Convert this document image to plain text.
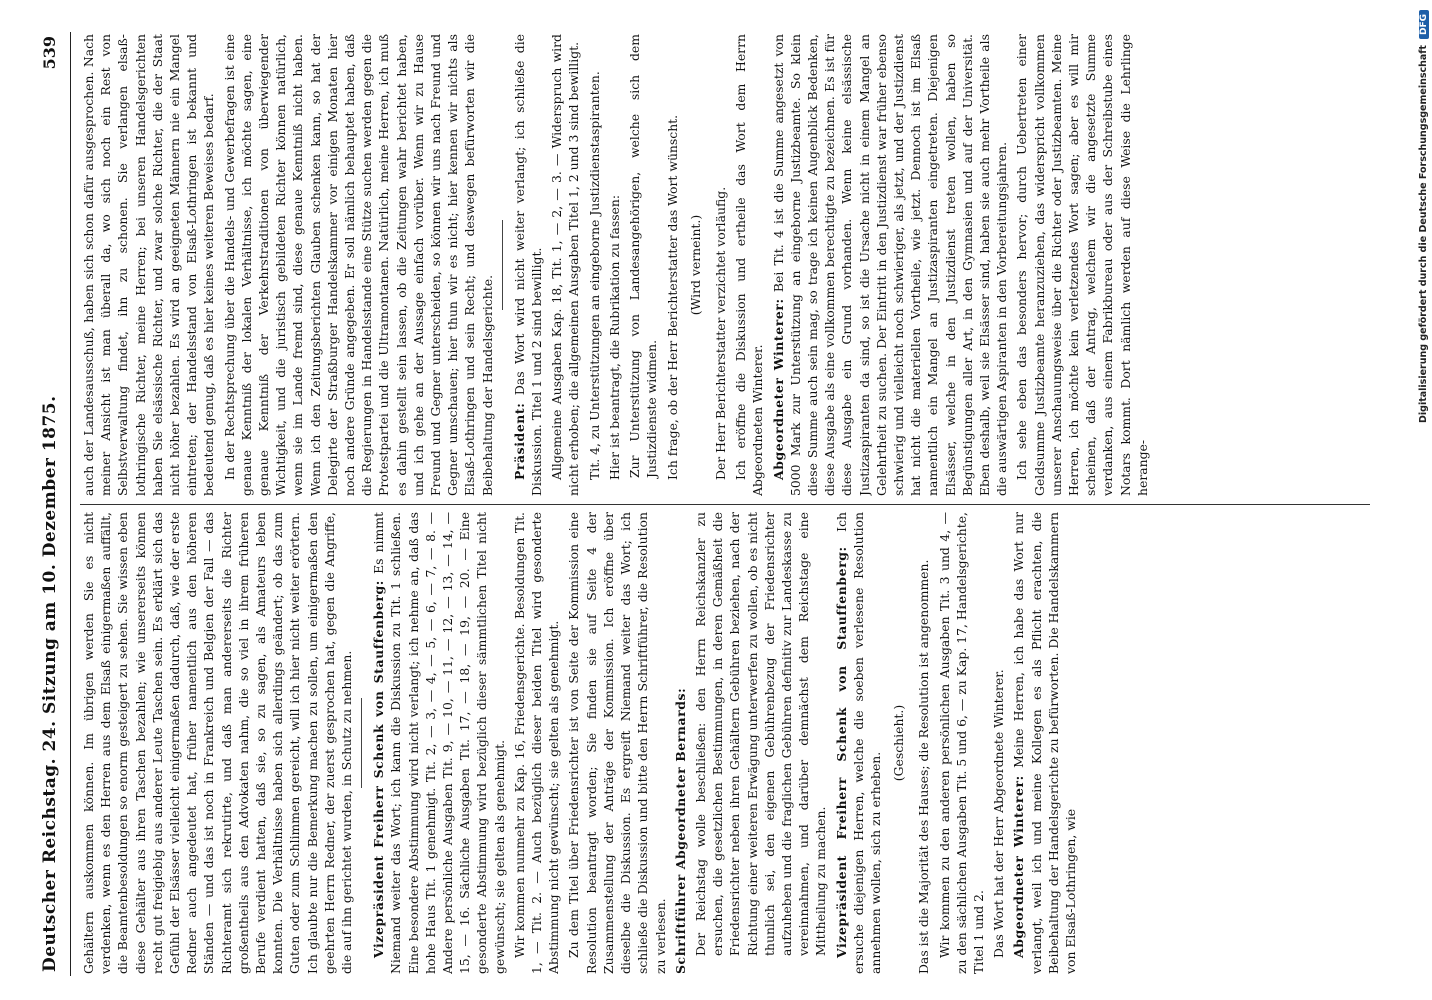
Deutscher Reichstag. 24. Sitzung am 10. Dezember 1875.
539

Gehältern auskommen können. Im übrigen werden Sie es nicht verdenken, wenn es den Herren aus dem Elsaß einigermaßen auffällt, die Beamtenbesoldungen so enorm gesteigert zu sehen. Sie wissen eben diese Gehälter aus ihren Taschen bezahlen; wie unsererseits können recht gut freigiebig aus anderer Leute Taschen sein. Es erklärt sich das Gefühl der Elsässer vielleicht einigermaßen dadurch, daß, wie der erste Redner auch angedeutet hat, früher namentlich aus den höheren Ständen — und das ist noch in Frankreich und Belgien der Fall — das Richteramt sich rekrutirte, und daß man andererseits die Richter großentheils aus den Advokaten nahm, die so viel in ihrem früheren Berufe verdient hatten, daß sie, so zu sagen, als Amateurs leben konnten. Die Verhältnisse haben sich allerdings geändert; ob das zum Guten oder zum Schlimmen gereicht, will ich hier nicht weiter erörtern. Ich glaubte nur die Bemerkung machen zu sollen, um einigermaßen den geehrten Herrn Redner, der zuerst gesprochen hat, gegen die Angriffe, die auf ihn gerichtet wurden, in Schutz zu nehmen. Vizepräsident Freiherr Schenk von Stauffenberg: Es nimmt Niemand weiter das Wort; ich kann die Diskussion zu Tit. 1 schließen. Eine besondere Abstimmung wird nicht verlangt; ich nehme an, daß das hohe Haus Tit. 1 genehmigt. Tit. 2, — 3, — 4, — 5, — 6, — 7, — 8. — Andere persönliche Ausgaben Tit. 9, — 10, — 11, — 12, — 13, — 14, — 15, — 16. Sächliche Ausgaben Tit. 17, — 18, — 19, — 20. — Eine gesonderte Abstimmung wird bezüglich dieser sämmtlichen Titel nicht gewünscht; sie gelten als genehmigt. Wir kommen nunmehr zu Kap. 16, Friedensgerichte. Besoldungen Tit. 1, — Tit. 2. — Auch bezüglich dieser beiden Titel wird gesonderte Abstimmung nicht gewünscht; sie gelten als genehmigt. Zu dem Titel über Friedensrichter ist von Seite der Kommission eine Resolution beantragt worden; Sie finden sie auf Seite 4 der Zusammenstellung der Anträge der Kommission. Ich eröffne über dieselbe die Diskussion. Es ergreift Niemand weiter das Wort; ich schließe die Diskussion und bitte den Herrn Schriftführer, die Resolution zu verlesen. Schriftführer Abgeordneter Bernards: Der Reichstag wolle beschließen: den Herrn Reichskanzler zu ersuchen, die gesetzlichen Bestimmungen, in deren Gemäßheit die Friedensrichter neben ihren Gehältern Gebühren beziehen, nach der Richtung einer weiteren Erwägung unterwerfen zu wollen, ob es nicht thunlich sei, den eigenen Gebührenbezug der Friedensrichter aufzuheben und die fraglichen Gebühren definitiv zur Landeskasse zu vereinnahmen, und darüber demnächst dem Reichstage eine Mittheilung zu machen. Vizepräsident Freiherr Schenk von Stauffenberg: Ich ersuche diejenigen Herren, welche die soeben verlesene Resolution annehmen wollen, sich zu erheben.

(Geschieht.) Das ist die Majorität des Hauses; die Resolution ist angenommen. Wir kommen zu den anderen persönlichen Ausgaben Tit. 3 und 4, — zu den sächlichen Ausgaben Tit. 5 und 6, — zu Kap. 17, Handelsgerichte, Titel 1 und 2. Das Wort hat der Herr Abgeordnete Winterer. Abgeordneter Winterer: Meine Herren, ich habe das Wort nur verlangt, weil ich und meine Kollegen es als Pflicht erachten, die Beibehaltung der Handelsgerichte zu befürworten. Die Handelskammern von Elsaß-Lothringen, wie

auch der Landesausschuß, haben sich schon dafür ausgesprochen. Nach meiner Ansicht ist man überall da, wo sich noch ein Rest von Selbstverwaltung findet, ihn zu schonen. Sie verlangen elsaß-lothringische Richter, meine Herren; bei unseren Handelsgerichten haben Sie elsässische Richter, und zwar solche Richter, die der Staat nicht höher bezahlen. Es wird an geeigneten Männern nie ein Mangel eintreten; der Handelsstand von Elsaß-Lothringen ist bekannt und bedeutend genug, daß es hier keines weiteren Beweises bedarf. In der Rechtsprechung über die Handels- und Gewerbefragen ist eine genaue Kenntniß der lokalen Verhältnisse, ich möchte sagen, eine genaue Kenntniß der Verkehrstraditionen von überwiegender Wichtigkeit, und die juristisch gebildeten Richter können natürlich, wenn sie im Lande fremd sind, diese genaue Kenntniß nicht haben. Wenn ich den Zeitungsberichten Glauben schenken kann, so hat der Delegirte der Straßburger Handelskammer vor einigen Monaten hier noch andere Gründe angegeben. Er soll nämlich behauptet haben, daß die Regierungen in Handelsstande eine Stütze suchen werden gegen die Protestpartei und die Ultramontanen. Natürlich, meine Herren, ich muß es dahin gestellt sein lassen, ob die Zeitungen wahr berichtet haben, und ich gehe an der Aussage einfach vorüber. Wenn wir zu Hause Freund und Gegner unterscheiden, so können wir uns nach Freund und Gegner umschauen; hier thun wir es nicht; hier kennen wir nichts als Elsaß-Lothringen und sein Recht; und deswegen befürworten wir die Beibehaltung der Handelsgerichte. Präsident: Das Wort wird nicht weiter verlangt; ich schließe die Diskussion. Titel 1 und 2 sind bewilligt. Allgemeine Ausgaben Kap. 18, Tit. 1, — 2, — 3. — Widerspruch wird nicht erhoben; die allgemeinen Ausgaben Titel 1, 2 und 3 sind bewilligt. Tit. 4, zu Unterstützungen an eingeborne Justizdienstaspiranten. Hier ist beantragt, die Rubrikation zu fassen: Zur Unterstützung von Landesangehörigen, welche sich dem Justizdienste widmen. Ich frage, ob der Herr Berichterstatter das Wort wünscht. (Wird verneint.) Der Herr Berichterstatter verzichtet vorläufig. Ich eröffne die Diskussion und ertheile das Wort dem Herrn Abgeordneten Winterer. Abgeordneter Winterer: Bei Tit. 4 ist die Summe angesetzt von 5000 Mark zur Unterstützung an eingeborne Justizbeamte. So klein diese Summe auch sein mag, so trage ich keinen Augenblick Bedenken, diese Ausgabe als eine vollkommen berechtigte zu bezeichnen. Es ist für diese Ausgabe ein Grund vorhanden. Wenn keine elsässische Justizaspiranten da sind, so ist die Ursache nicht in einem Mangel an Gelehrtheit zu suchen. Der Eintritt in den Justizdienst war früher ebenso schwierig und vielleicht noch schwieriger, als jetzt, und der Justizdienst hat nicht die materiellen Vortheile, wie jetzt. Dennoch ist im Elsaß namentlich ein Mangel an Justizaspiranten eingetreten. Diejenigen Elsässer, welche in den Justizdienst treten wollen, haben so Begünstigungen aller Art, in den Gymnasien und auf der Universität. Eben deshalb, weil sie Elsässer sind, haben sie auch mehr Vortheile als die auswärtigen Aspiranten in den Vorbereitungsjahren. Ich sehe eben das besonders hervor; durch Uebertreten einer Geldsumme Justizbeamte heranzuziehen, das widerspricht vollkommen unserer Anschauungsweise über die Richter oder Justizbeamten. Meine Herren, ich möchte kein verletzendes Wort sagen; aber es will mir scheinen, daß der Antrag, welchem wir die angesetzte Summe verdanken, aus einem Fabrikbureau oder aus der Schreibstube eines Notars kommt. Dort nämlich werden auf diese Weise die Lehrlinge herange-

Digitalisierung gefördert durch die Deutsche ForschungsgemeinschaftDFG
